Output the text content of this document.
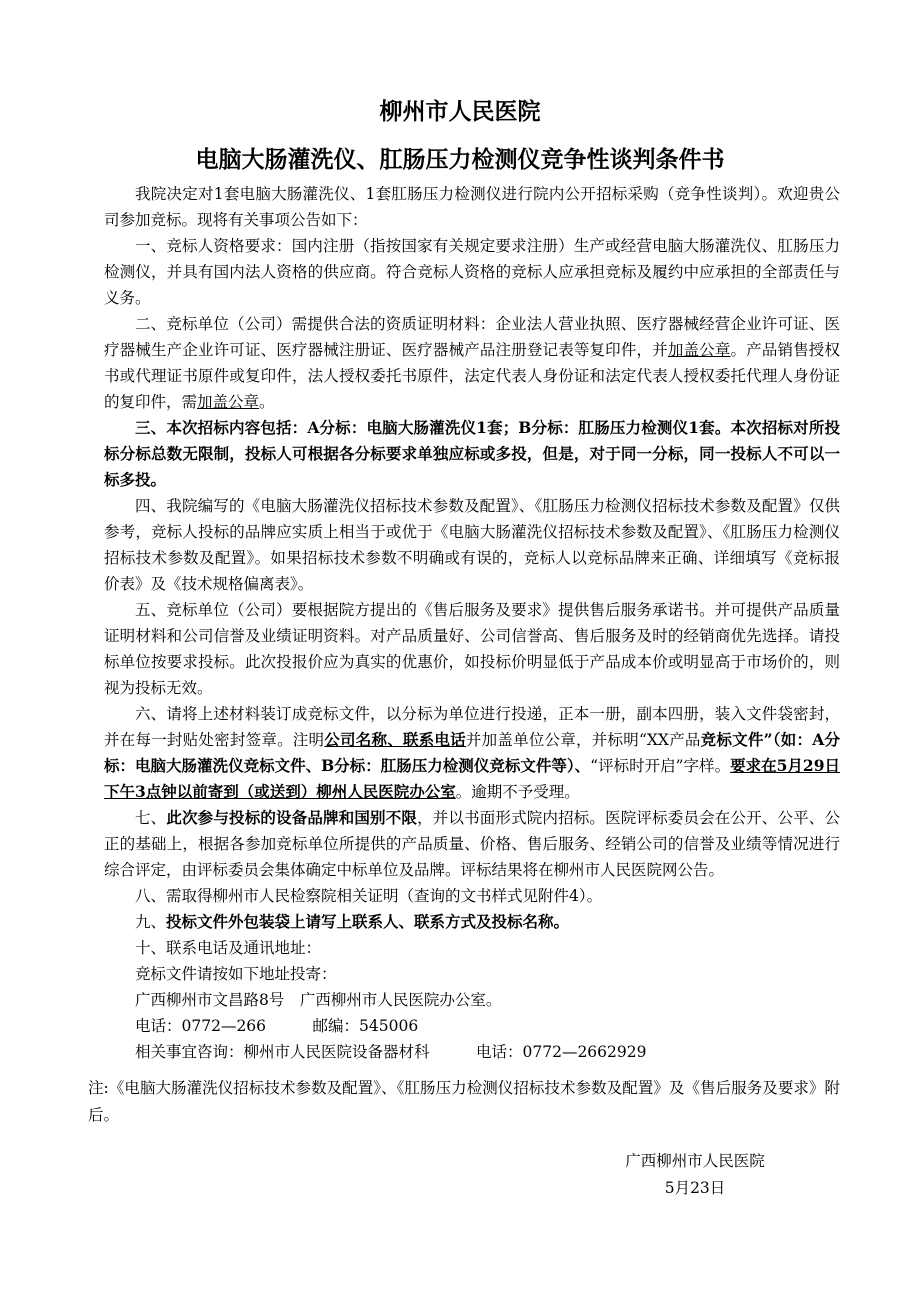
柳州市人民医院
电脑大肠灌洗仪、肛肠压力检测仪竞争性谈判条件书

我院决定对1套电脑大肠灌洗仪、1套肛肠压力检测仪进行院内公开招标采购（竞争性谈判）。欢迎贵公司参加竞标。现将有关事项公告如下：

一、竞标人资格要求：国内注册（指按国家有关规定要求注册）生产或经营电脑大肠灌洗仪、肛肠压力检测仪，并具有国内法人资格的供应商。符合竞标人资格的竞标人应承担竞标及履约中应承担的全部责任与义务。

二、竞标单位（公司）需提供合法的资质证明材料：企业法人营业执照、医疗器械经营企业许可证、医疗器械生产企业许可证、医疗器械注册证、医疗器械产品注册登记表等复印件，并加盖公章。产品销售授权书或代理证书原件或复印件，法人授权委托书原件，法定代表人身份证和法定代表人授权委托代理人身份证的复印件，需加盖公章。

三、本次招标内容包括：A分标：电脑大肠灌洗仪1套；B分标：肛肠压力检测仪1套。本次招标对所投标分标总数无限制，投标人可根据各分标要求单独应标或多投，但是，对于同一分标，同一投标人不可以一标多投。

四、我院编写的《电脑大肠灌洗仪招标技术参数及配置》、《肛肠压力检测仪招标技术参数及配置》仅供参考，竞标人投标的品牌应实质上相当于或优于《电脑大肠灌洗仪招标技术参数及配置》、《肛肠压力检测仪招标技术参数及配置》。如果招标技术参数不明确或有误的，竞标人以竞标品牌来正确、详细填写《竞标报价表》及《技术规格偏离表》。

五、竞标单位（公司）要根据院方提出的《售后服务及要求》提供售后服务承诺书。并可提供产品质量证明材料和公司信誉及业绩证明资料。对产品质量好、公司信誉高、售后服务及时的经销商优先选择。请投标单位按要求投标。此次投报价应为真实的优惠价，如投标价明显低于产品成本价或明显高于市场价的，则视为投标无效。

六、请将上述材料装订成竞标文件，以分标为单位进行投递，正本一册，副本四册，装入文件袋密封，并在每一封贴处密封签章。注明公司名称、联系电话并加盖单位公章，并标明“XX产品竞标文件”（如：A分标：电脑大肠灌洗仪竞标文件、B分标：肛肠压力检测仪竞标文件等）、“评标时开启”字样。要求在5月29日下午3点钟以前寄到（或送到）柳州人民医院办公室。逾期不予受理。

七、此次参与投标的设备品牌和国别不限，并以书面形式院内招标。医院评标委员会在公开、公平、公正的基础上，根据各参加竞标单位所提供的产品质量、价格、售后服务、经销公司的信誉及业绩等情况进行综合评定，由评标委员会集体确定中标单位及品牌。评标结果将在柳州市人民医院网公告。

八、需取得柳州市人民检察院相关证明（查询的文书样式见附件4）。

九、投标文件外包装袋上请写上联系人、联系方式及投标名称。

十、联系电话及通讯地址：

竞标文件请按如下地址投寄：

广西柳州市文昌路8号　广西柳州市人民医院办公室。

电话：0772—266　　　邮编：545006

相关事宜咨询：柳州市人民医院设备器材科　　　电话：0772—2662929

注:《电脑大肠灌洗仪招标技术参数及配置》、《肛肠压力检测仪招标技术参数及配置》及《售后服务及要求》附后。
广西柳州市人民医院
5月23日
